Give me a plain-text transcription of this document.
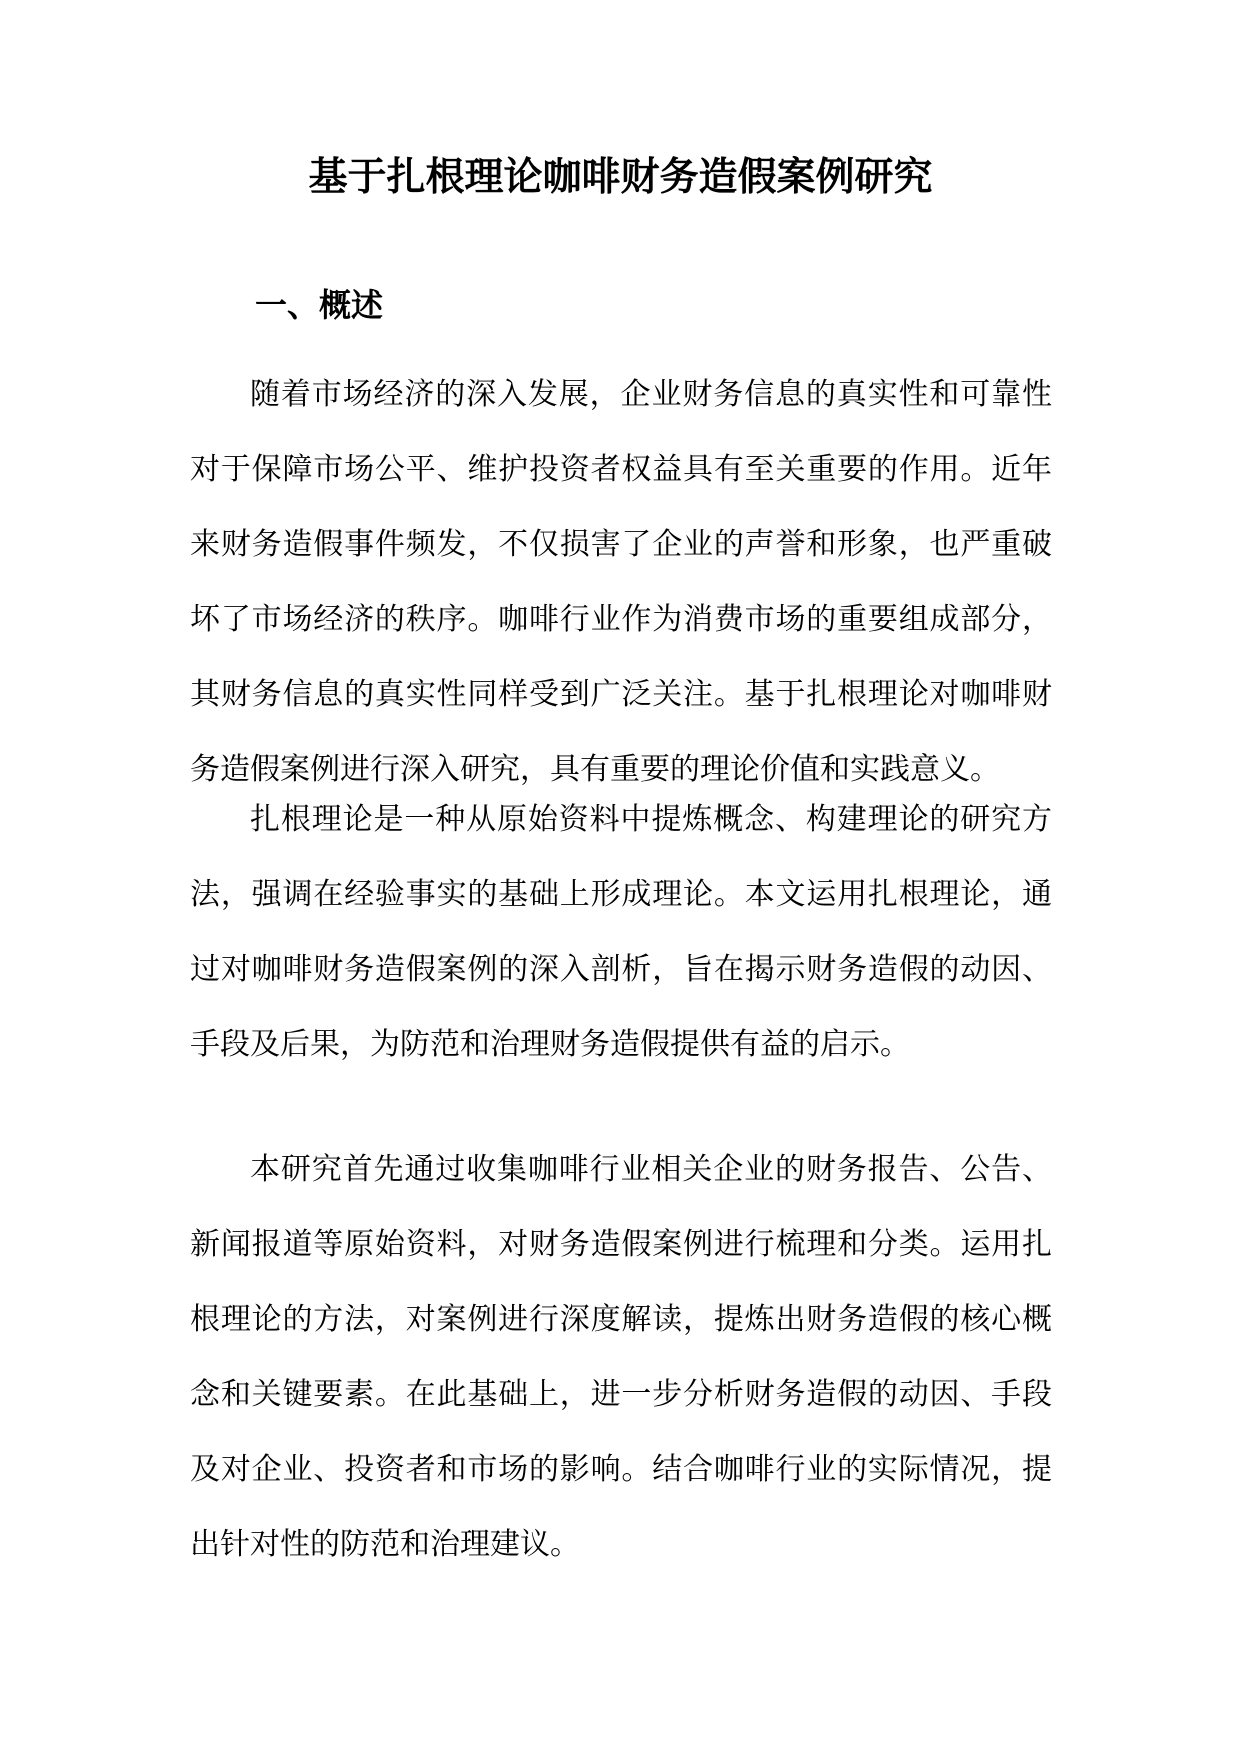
基于扎根理论咖啡财务造假案例研究
一、概述

随着市场经济的深入发展，企业财务信息的真实性和可靠性对于保障市场公平、维护投资者权益具有至关重要的作用。近年来财务造假事件频发，不仅损害了企业的声誉和形象，也严重破坏了市场经济的秩序。咖啡行业作为消费市场的重要组成部分，其财务信息的真实性同样受到广泛关注。基于扎根理论对咖啡财务造假案例进行深入研究，具有重要的理论价值和实践意义。

扎根理论是一种从原始资料中提炼概念、构建理论的研究方法，强调在经验事实的基础上形成理论。本文运用扎根理论，通过对咖啡财务造假案例的深入剖析，旨在揭示财务造假的动因、手段及后果，为防范和治理财务造假提供有益的启示。

本研究首先通过收集咖啡行业相关企业的财务报告、公告、新闻报道等原始资料，对财务造假案例进行梳理和分类。运用扎根理论的方法，对案例进行深度解读，提炼出财务造假的核心概念和关键要素。在此基础上，进一步分析财务造假的动因、手段及对企业、投资者和市场的影响。结合咖啡行业的实际情况，提出针对性的防范和治理建议。
